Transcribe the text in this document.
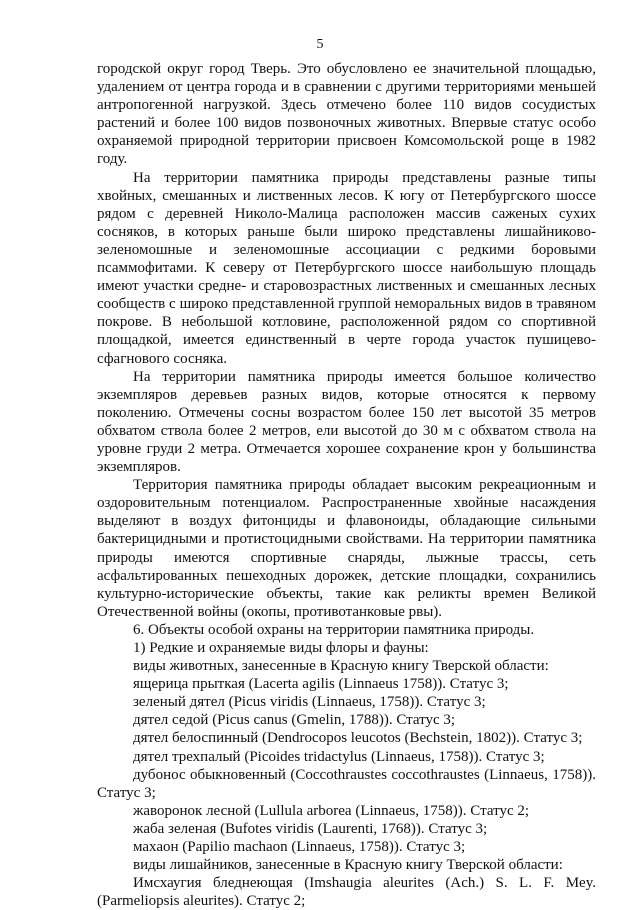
5

городской округ город Тверь. Это обусловлено ее значительной площадью, удалением от центра города и в сравнении с другими территориями меньшей антропогенной нагрузкой. Здесь отмечено более 110 видов сосудистых растений и более 100 видов позвоночных животных. Впервые статус особо охраняемой природной территории присвоен Комсомольской роще в 1982 году.

На территории памятника природы представлены разные типы хвойных, смешанных и лиственных лесов. К югу от Петербургского шоссе рядом с деревней Николо-Малица расположен массив саженых сухих сосняков, в которых раньше были широко представлены лишайниково-зеленомошные и зеленомошные ассоциации с редкими боровыми псаммофитами. К северу от Петербургского шоссе наибольшую площадь имеют участки средне- и старовозрастных лиственных и смешанных лесных сообществ с широко представленной группой неморальных видов в травяном покрове. В небольшой котловине, расположенной рядом со спортивной площадкой, имеется единственный в черте города участок пушицево-сфагнового сосняка.

На территории памятника природы имеется большое количество экземпляров деревьев разных видов, которые относятся к первому поколению. Отмечены сосны возрастом более 150 лет высотой 35 метров обхватом ствола более 2 метров, ели высотой до 30 м с обхватом ствола на уровне груди 2 метра. Отмечается хорошее сохранение крон у большинства экземпляров.

Территория памятника природы обладает высоким рекреационным и оздоровительным потенциалом. Распространенные хвойные насаждения выделяют в воздух фитонциды и флавоноиды, обладающие сильными бактерицидными и протистоцидными свойствами. На территории памятника природы имеются спортивные снаряды, лыжные трассы, сеть асфальтированных пешеходных дорожек, детские площадки, сохранились культурно-исторические объекты, такие как реликты времен Великой Отечественной войны (окопы, противотанковые рвы).

6. Объекты особой охраны на территории памятника природы.

1) Редкие и охраняемые виды флоры и фауны:

виды животных, занесенные в Красную книгу Тверской области:

ящерица прыткая (Lacerta agilis (Linnaeus 1758)). Статус 3;

зеленый дятел (Picus viridis (Linnaeus, 1758)). Статус 3;

дятел седой (Picus canus (Gmelin, 1788)). Статус 3;

дятел белоспинный (Dendrocopos leucotos (Bechstein, 1802)). Статус 3;

дятел трехпалый (Picoides tridactylus (Linnaeus, 1758)). Статус 3;

дубонос обыкновенный (Coccothraustes coccothraustes (Linnaeus, 1758)). Статус 3;

жаворонок лесной (Lullula arborea (Linnaeus, 1758)). Статус 2;

жаба зеленая (Bufotes viridis (Laurenti, 1768)). Статус 3;

махаон (Papilio machaon (Linnaeus, 1758)). Статус 3;

виды лишайников, занесенные в Красную книгу Тверской области:

Имсхаугия бледнеющая (Imshaugia aleurites (Ach.) S. L. F. Mey. (Parmeliopsis aleurites). Статус 2;
